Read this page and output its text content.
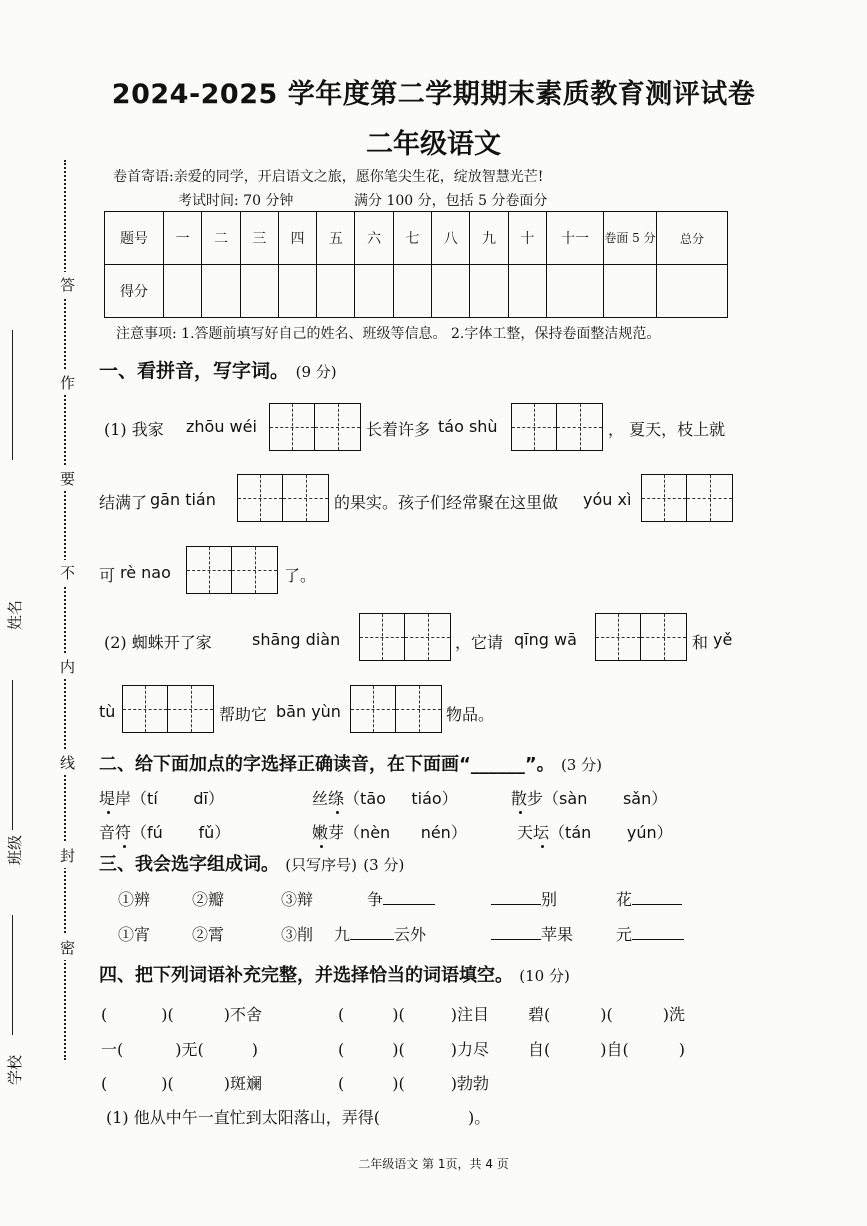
答
作
要
不
内
线
封
密
姓名
班级
学校
2024-2025 学年度第二学期期末素质教育测评试卷
二年级语文
卷首寄语:亲爱的同学，开启语文之旅，愿你笔尖生花，绽放智慧光芒!
考试时间: 70 分钟	满分 100 分，包括 5 分卷面分
题号	一	二	三	四	五	六	七	八	九	十	十一	卷面 5 分	总分
得分													
注意事项: 1.答题前填写好自己的姓名、班级等信息。 2.字体工整，保持卷面整洁规范。
一、看拼音，写字词。 (9 分)
(1) 我家 zhōu wéi	长着许多 táo shù	， 夏天，枝上就
结满了 gān tián	的果实。孩子们经常聚在这里做 yóu xì
可 rè nao	了。
(2) 蜘蛛开了家	shāng diàn	，它请 qīng wā	和 yě
tù	帮助它 bān yùn	物品。
二、给下面加点的字选择正确读音，在下面画“______”。 (3 分)
堤岸（tí dī）	丝绦（tāo tiáo）	散步（sàn sǎn）
音符（fú fǔ）	嫩芽（nèn nén）	天坛（tán yún）
三、我会选字组成词。 (只写序号) (3 分)
①辨	②瓣	③辩	争	别	花
①宵	②霄	③削 九	云外	苹果	元
四、把下列词语补充完整，并选择恰当的词语填空。 (10 分)
(	)(	)不舍	(	)(	)注目 碧(	)(	)洗
一(	)无(	)	(	)(	)力尽 自(	)自(	)
(	)(	)斑斓	(	)(	)勃勃
(1) 他从中午一直忙到太阳落山，弄得(	)。
二年级语文 第 1页，共 4 页
